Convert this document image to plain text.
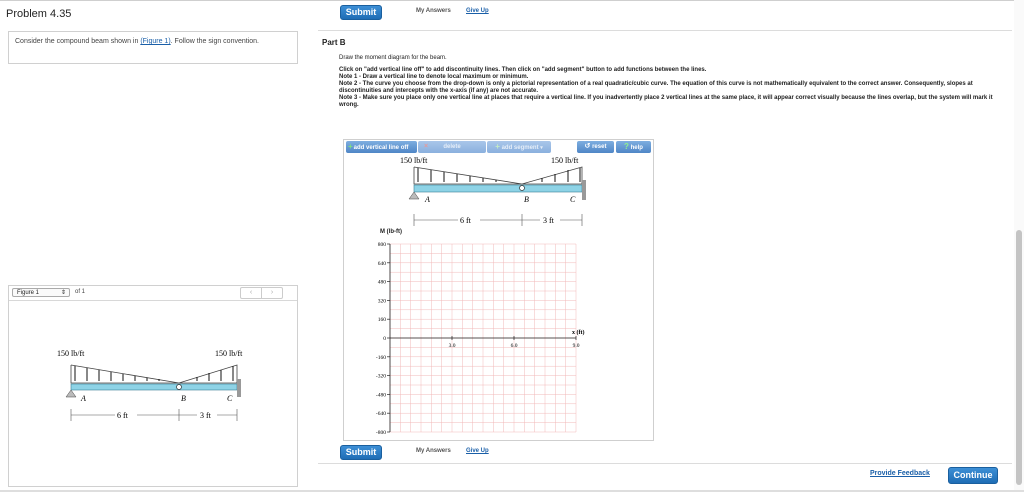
Problem 4.35
Consider the compound beam shown in (Figure 1). Follow the sign convention.
Figure 1	⇕ of 1	‹	›
150 lb/ft	150 lb/ft
A	B	C
6 ft	3 ft
Submit	My Answers	Give Up
Part B
Draw the moment diagram for the beam.
Click on "add vertical line off" to add discontinuity lines. Then click on "add segment" button to add functions between the lines.
Note 1 - Draw a vertical line to denote local maximum or minimum.
Note 2 - The curve you choose from the drop-down is only a pictorial representation of a real quadratic/cubic curve. The equation of this curve is not mathematically equivalent to the correct answer. Consequently, slopes at discontinuities and intercepts with the x-axis (if any) are not accurate.
Note 3 - Make sure you place only one vertical line at places that require a vertical line. If you inadvertently place 2 vertical lines at the same place, it will appear correct visually because the lines overlap, but the system will mark it wrong.
+add vertical line off	×	delete	+ add segment ▾	↺ reset	? help
150 lb/ft	150 lb/ft
A	B	C
6 ft	3 ft
M (lb-ft)
800
640
480
320
160
0
-160
-320
-480
-640
-800
3.0	6.0	9.0
x (ft)
Submit	My Answers	Give Up
Provide Feedback	Continue
